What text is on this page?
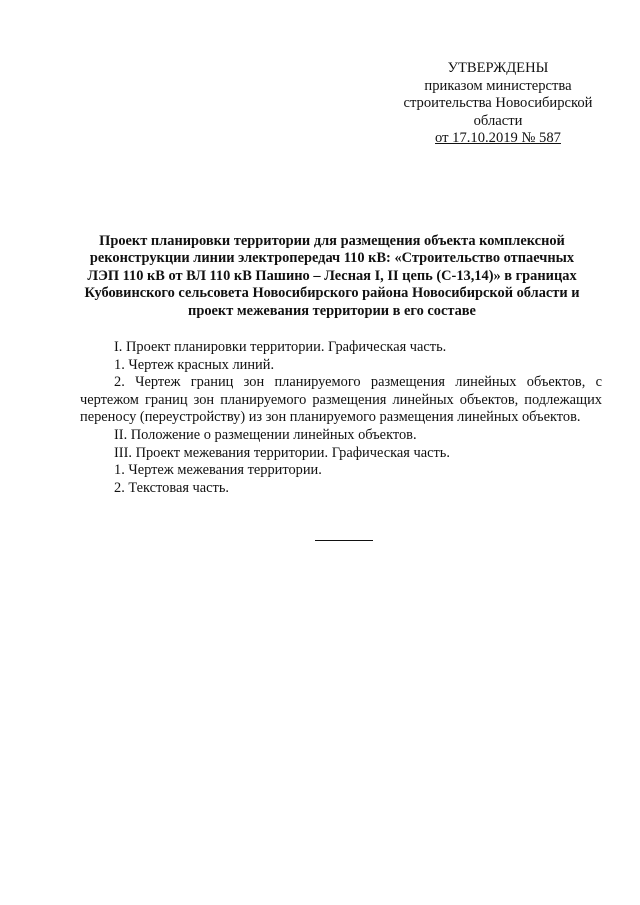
УТВЕРЖДЕНЫ
приказом министерства
строительства Новосибирской
области
от 17.10.2019 № 587
Проект планировки территории для размещения объекта комплексной
реконструкции линии электропередач 110 кВ: «Строительство отпаечных
ЛЭП 110 кВ от ВЛ 110 кВ Пашино – Лесная I, II цепь (С-13,14)» в границах
Кубовинского сельсовета Новосибирского района Новосибирской области и
проект межевания территории в его составе
I. Проект планировки территории. Графическая часть.
1. Чертеж красных линий.
2. Чертеж границ зон планируемого размещения линейных объектов, с
чертежом границ зон планируемого размещения линейных объектов, подлежащих
переносу (переустройству) из зон планируемого размещения линейных объектов.
II. Положение о размещении линейных объектов.
III. Проект межевания территории. Графическая часть.
1. Чертеж межевания территории.
2. Текстовая часть.
